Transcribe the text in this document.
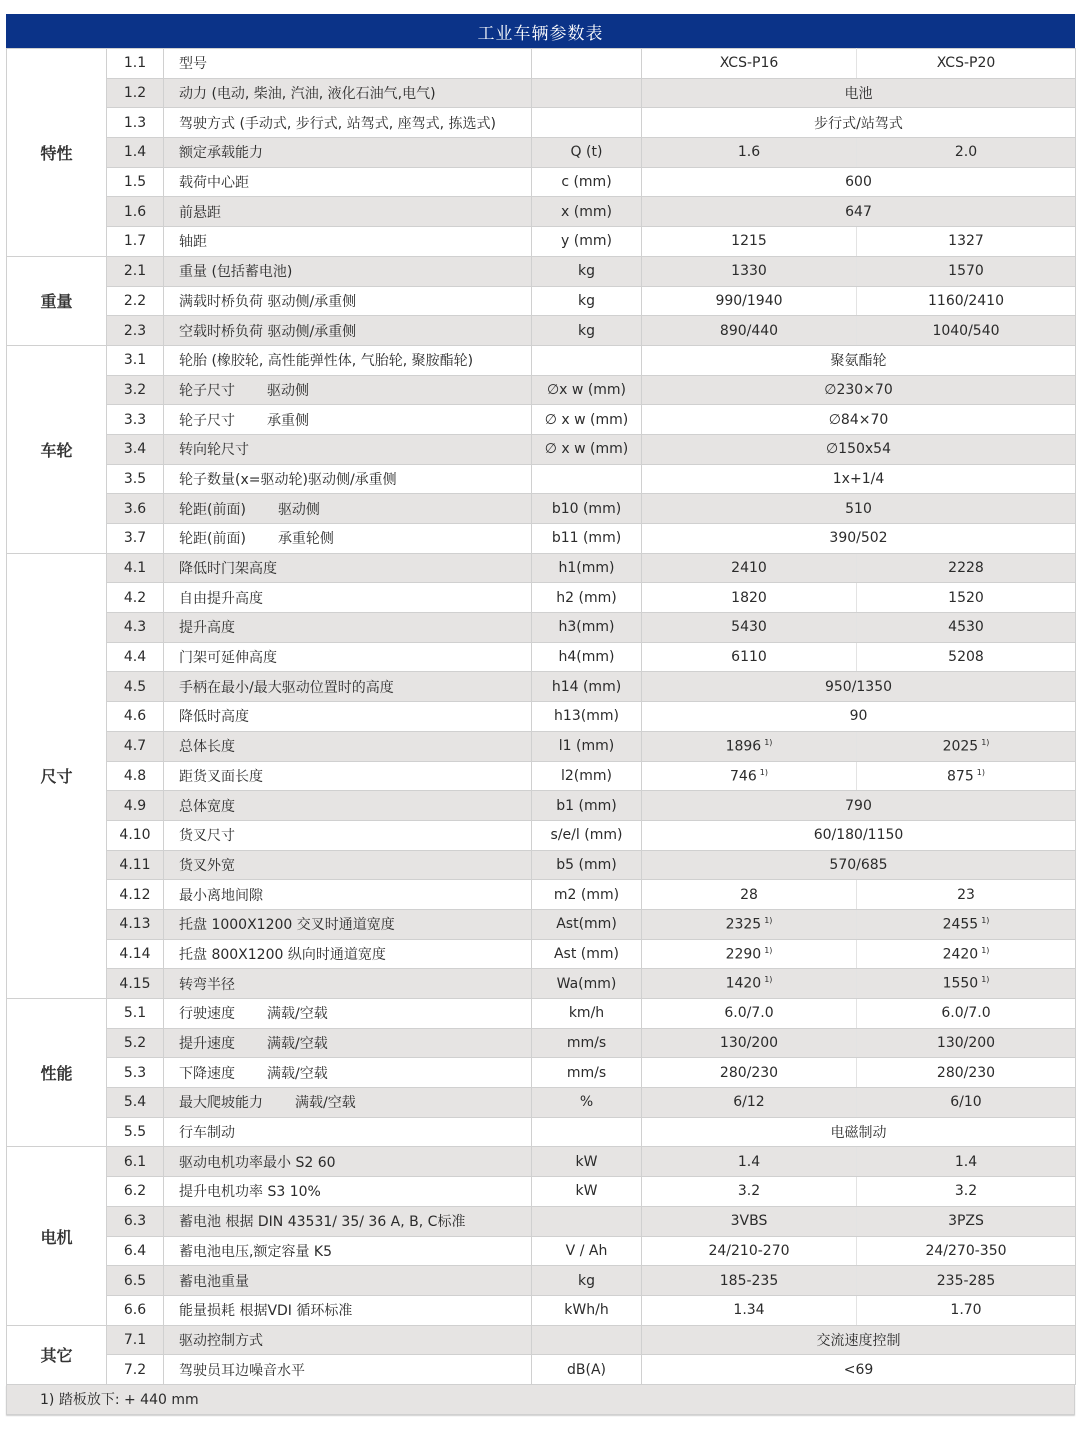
工业车辆参数表
特性	1.1	型号		XCS-P16	XCS-P20
	1.2	动力 (电动, 柴油, 汽油, 液化石油气,电气)		电池	
	1.3	驾驶方式 (手动式, 步行式, 站驾式, 座驾式, 拣选式)		步行式/站驾式	
	1.4	额定承载能力	Q (t)	1.6	2.0
	1.5	载荷中心距	c (mm)	600	
	1.6	前悬距	x (mm)	647	
	1.7	轴距	y (mm)	1215	1327
重量	2.1	重量 (包括蓄电池)	kg	1330	1570
	2.2	满载时桥负荷 驱动侧/承重侧	kg	990/1940	1160/2410
	2.3	空载时桥负荷 驱动侧/承重侧	kg	890/440	1040/540
车轮	3.1	轮胎 (橡胶轮, 高性能弹性体, 气胎轮, 聚胺酯轮)		聚氨酯轮	
	3.2	轮子尺寸 驱动侧	∅x w (mm)	∅230×70	
	3.3	轮子尺寸 承重侧	∅ x w (mm)	∅84×70	
	3.4	转向轮尺寸	∅ x w (mm)	∅150x54	
	3.5	轮子数量(x=驱动轮)驱动侧/承重侧		1x+1/4	
	3.6	轮距(前面) 驱动侧	b10 (mm)	510	
	3.7	轮距(前面) 承重轮侧	b11 (mm)	390/502	
尺寸	4.1	降低时门架高度	h1(mm)	2410	2228
	4.2	自由提升高度	h2 (mm)	1820	1520
	4.3	提升高度	h3(mm)	5430	4530
	4.4	门架可延伸高度	h4(mm)	6110	5208
	4.5	手柄在最小/最大驱动位置时的高度	h14 (mm)	950/1350	
	4.6	降低时高度	h13(mm)	90	
	4.7	总体长度	l1 (mm)	1896 $^{1)}$	2025 $^{1)}$
	4.8	距货叉面长度	l2(mm)	746 $^{1)}$	875 $^{1)}$
	4.9	总体宽度	b1 (mm)	790	
	4.10	货叉尺寸	s/e/l (mm)	60/180/1150	
	4.11	货叉外宽	b5 (mm)	570/685	
	4.12	最小离地间隙	m2 (mm)	28	23
	4.13	托盘 1000X1200 交叉时通道宽度	Ast(mm)	2325 $^{1)}$	2455 $^{1)}$
	4.14	托盘 800X1200 纵向时通道宽度	Ast (mm)	2290 $^{1)}$	2420 $^{1)}$
	4.15	转弯半径	Wa(mm)	1420 $^{1)}$	1550 $^{1)}$
性能	5.1	行驶速度 满载/空载	km/h	6.0/7.0	6.0/7.0
	5.2	提升速度 满载/空载	mm/s	130/200	130/200
	5.3	下降速度 满载/空载	mm/s	280/230	280/230
	5.4	最大爬坡能力 满载/空载	%	6/12	6/10
	5.5	行车制动		电磁制动	
电机	6.1	驱动电机功率最小 S2 60	kW	1.4	1.4
	6.2	提升电机功率 S3 10%	kW	3.2	3.2
	6.3	蓄电池 根据 DIN 43531/ 35/ 36 A, B, C标准		3VBS	3PZS
	6.4	蓄电池电压,额定容量 K5	V / Ah	24/210-270	24/270-350
	6.5	蓄电池重量	kg	185-235	235-285
	6.6	能量损耗 根据VDI 循环标准	kWh/h	1.34	1.70
其它	7.1	驱动控制方式		交流速度控制	
	7.2	驾驶员耳边噪音水平	dB(A)	<69	
1) 踏板放下: + 440 mm
